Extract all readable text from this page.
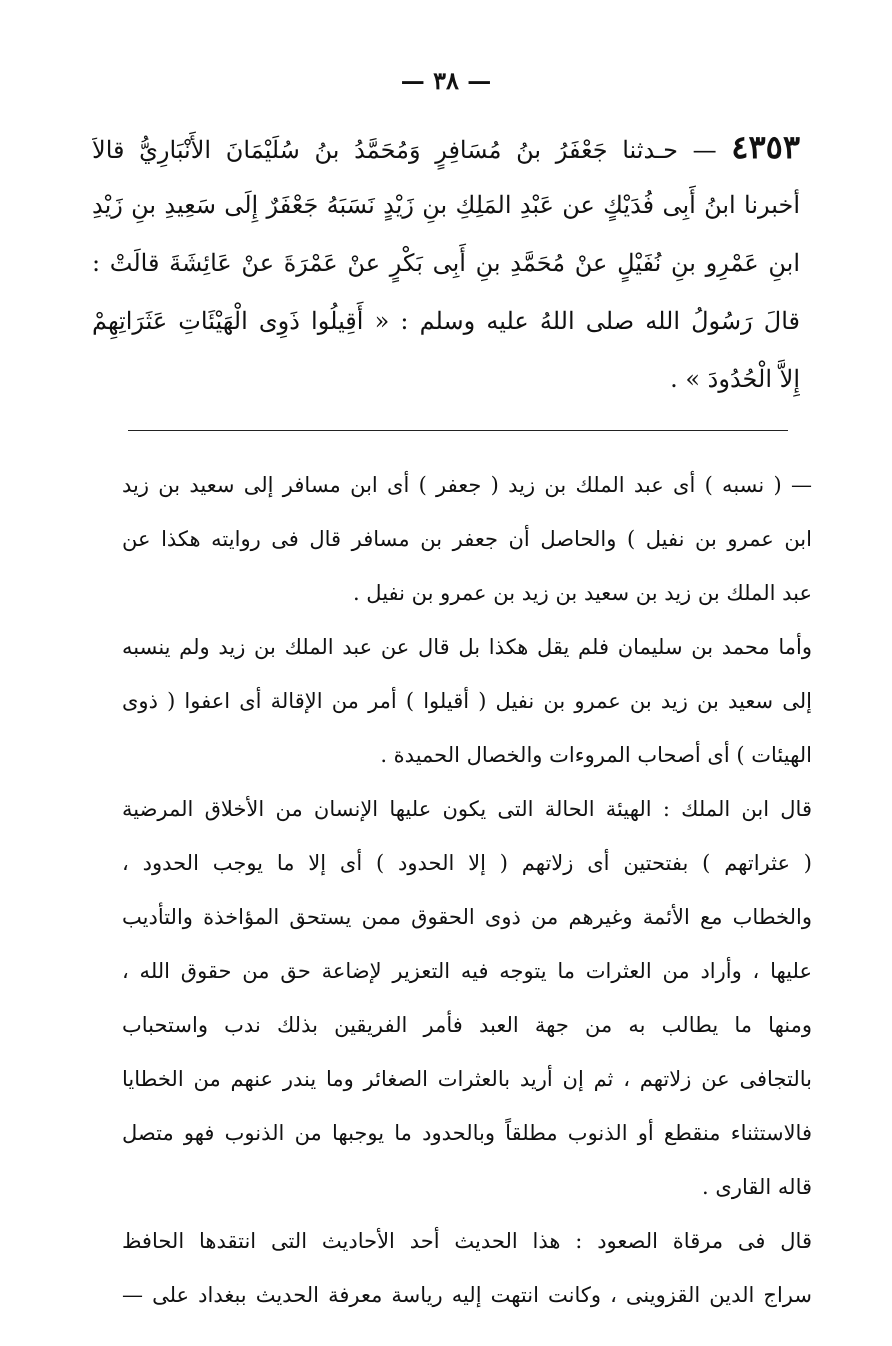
— ٣٨ —
٤٣٥٣ — حـدثنا جَعْفَرُ بنُ مُسَافِرٍ وَمُحَمَّدُ بنُ سُلَيْمَانَ الأَنْبَارِيُّ قالاَ
أخبرنا ابنُ أَبِى فُدَيْكٍ عن عَبْدِ المَلِكِ بنِ زَيْدٍ نَسَبَهُ جَعْفَرٌ إِلَى سَعِيدِ بنِ زَيْدِ
ابنِ عَمْرِو بنِ نُفَيْلٍ عنْ مُحَمَّدِ بنِ أَبِى بَكْرٍ عنْ عَمْرَةَ عنْ عَائِشَةَ قالَتْ :
قالَ رَسُولُ الله صلى اللهُ عليه وسلم : « أَقِيلُوا ذَوِى الْهَيْئَاتِ عَثَرَاتِهِمْ
إِلاَّ الْحُدُودَ » .
— ( نسبه ) أى عبد الملك بن زيد ( جعفر ) أى ابن مسافر إلى سعيد بن زيد
ابن عمرو بن نفيل ) والحاصل أن جعفر بن مسافر قال فى روايته هكذا عن
عبد الملك بن زيد بن سعيد بن زيد بن عمرو بن نفيل .
وأما محمد بن سليمان فلم يقل هكذا بل قال عن عبد الملك بن زيد ولم ينسبه
إلى سعيد بن زيد بن عمرو بن نفيل ( أقيلوا ) أمر من الإقالة أى اعفوا ( ذوى
الهيئات ) أى أصحاب المروءات والخصال الحميدة .
قال ابن الملك : الهيئة الحالة التى يكون عليها الإنسان من الأخلاق المرضية
( عثراتهم ) بفتحتين أى زلاتهم ( إلا الحدود ) أى إلا ما يوجب الحدود ،
والخطاب مع الأئمة وغيرهم من ذوى الحقوق ممن يستحق المؤاخذة والتأديب
عليها ، وأراد من العثرات ما يتوجه فيه التعزير لإضاعة حق من حقوق الله ،
ومنها ما يطالب به من جهة العبد فأمر الفريقين بذلك ندب واستحباب
بالتجافى عن زلاتهم ، ثم إن أريد بالعثرات الصغائر وما يندر عنهم من الخطايا
فالاستثناء منقطع أو الذنوب مطلقاً وبالحدود ما يوجبها من الذنوب فهو متصل
قاله القارى .
قال فى مرقاة الصعود : هذا الحديث أحد الأحاديث التى انتقدها الحافظ
سراج الدين القزوينى ، وكانت انتهت إليه رياسة معرفة الحديث ببغداد على —
